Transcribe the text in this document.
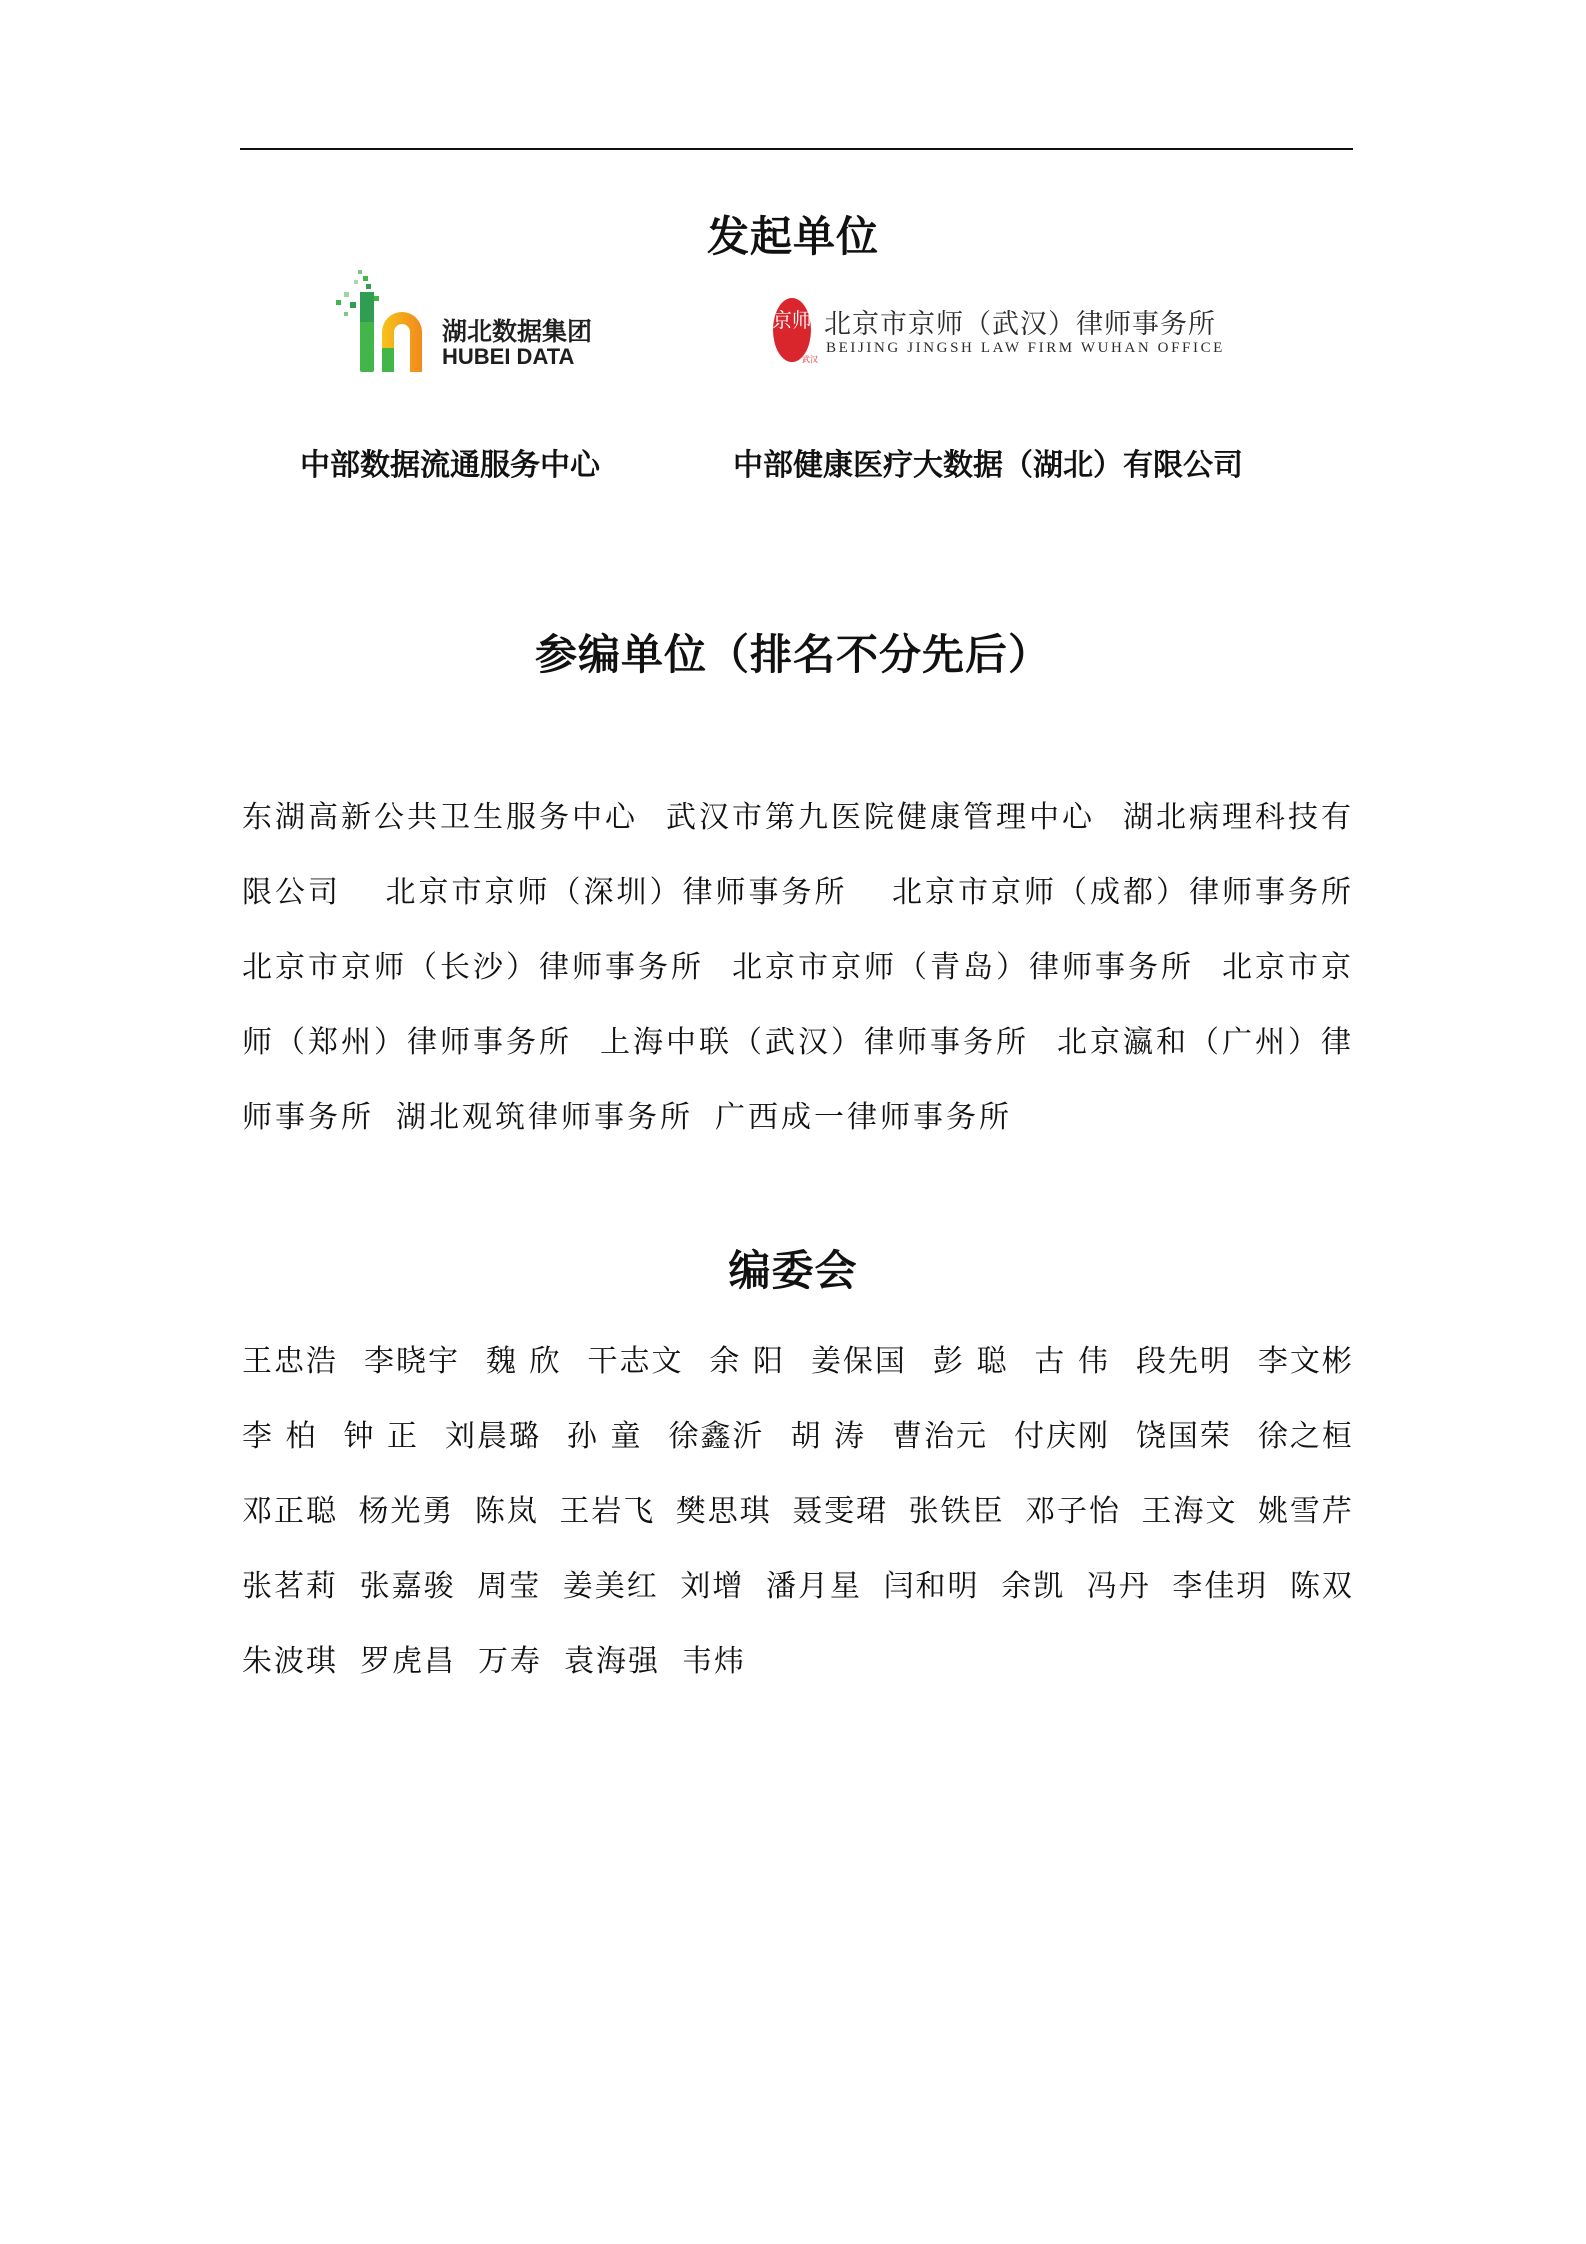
发起单位
湖北数据集团
HUBEI DATA
京师
武汉
北京市京师（武汉）律师事务所
BEIJING JINGSH LAW FIRM WUHAN OFFICE
中部数据流通服务中心	中部健康医疗大数据（湖北）有限公司
参编单位（排名不分先后）
东湖高新公共卫生服务中心 武汉市第九医院健康管理中心 湖北病理科技有
限公司 北京市京师（深圳）律师事务所 北京市京师（成都）律师事务所
北京市京师（长沙）律师事务所 北京市京师（青岛）律师事务所 北京市京
师（郑州）律师事务所 上海中联（武汉）律师事务所 北京瀛和（广州）律
师事务所 湖北观筑律师事务所 广西成一律师事务所
编委会
王忠浩 李晓宇 魏 欣 干志文 余 阳 姜保国 彭 聪 古 伟 段先明 李文彬
李 柏 钟 正 刘晨璐 孙 童 徐鑫沂 胡 涛 曹治元 付庆刚 饶国荣 徐之桓
邓正聪 杨光勇 陈岚 王岩飞 樊思琪 聂雯珺 张铁臣 邓子怡 王海文 姚雪芹
张茗莉 张嘉骏 周莹 姜美红 刘增 潘月星 闫和明 余凯 冯丹 李佳玥 陈双
朱波琪 罗虎昌 万寿 袁海强 韦炜
